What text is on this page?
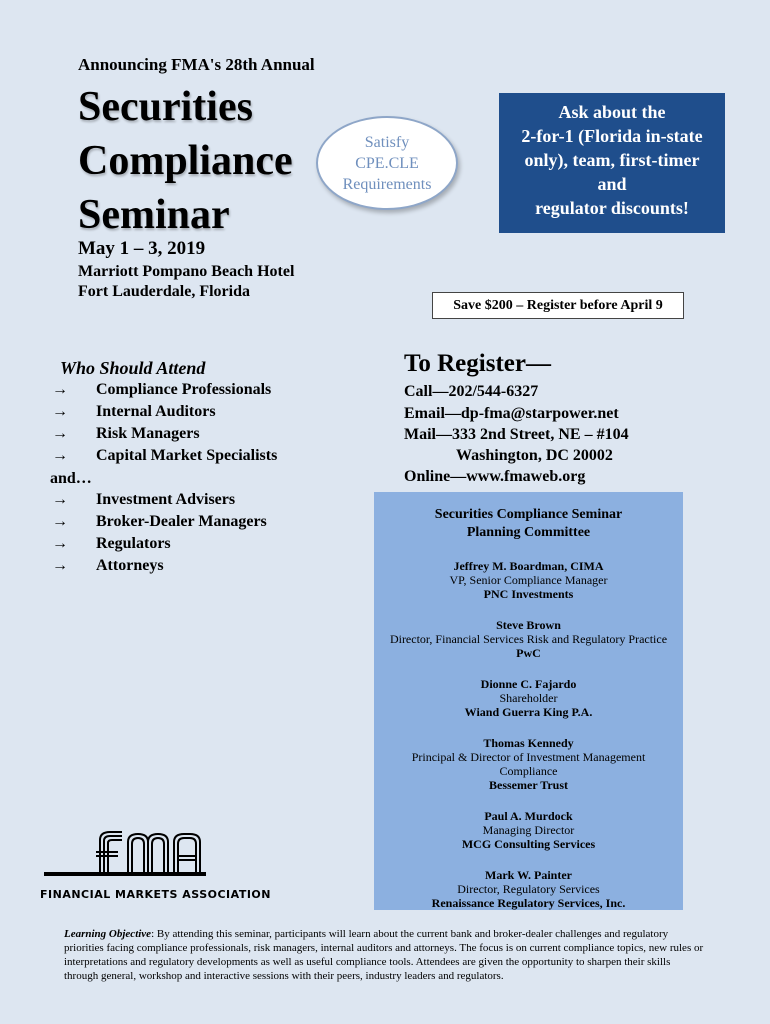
Announcing FMA's 28th Annual
Securities
Compliance
Seminar
May 1 – 3, 2019
Marriott Pompano Beach Hotel
Fort Lauderdale, Florida
Satisfy
CPE.CLE
Requirements
Ask about the
2-for-1 (Florida in-state
only), team, first-timer
and
regulator discounts!
Save $200 – Register before April 9
Who Should Attend
→ Compliance Professionals
→ Internal Auditors
→ Risk Managers
→ Capital Market Specialists
and…
→ Investment Advisers
→ Broker-Dealer Managers
→ Regulators
→ Attorneys
To Register—
Call—202/544-6327
Email—dp-fma@starpower.net
Mail—333 2nd Street, NE – #104
Washington, DC 20002
Online—www.fmaweb.org
Securities Compliance Seminar
Planning Committee
Jeffrey M. Boardman, CIMA
VP, Senior Compliance Manager
PNC Investments
Steve Brown
Director, Financial Services Risk and Regulatory Practice
PwC
Dionne C. Fajardo
Shareholder
Wiand Guerra King P.A.
Thomas Kennedy
Principal & Director of Investment Management
Compliance
Bessemer Trust
Paul A. Murdock
Managing Director
MCG Consulting Services
Mark W. Painter
Director, Regulatory Services
Renaissance Regulatory Services, Inc.
FINANCIAL MARKETS ASSOCIATION
Learning Objective: By attending this seminar, participants will learn about the current bank and broker-dealer challenges and regulatory priorities facing compliance professionals, risk managers, internal auditors and attorneys. The focus is on current compliance topics, new rules or interpretations and regulatory developments as well as useful compliance tools. Attendees are given the opportunity to sharpen their skills through general, workshop and interactive sessions with their peers, industry leaders and regulators.
